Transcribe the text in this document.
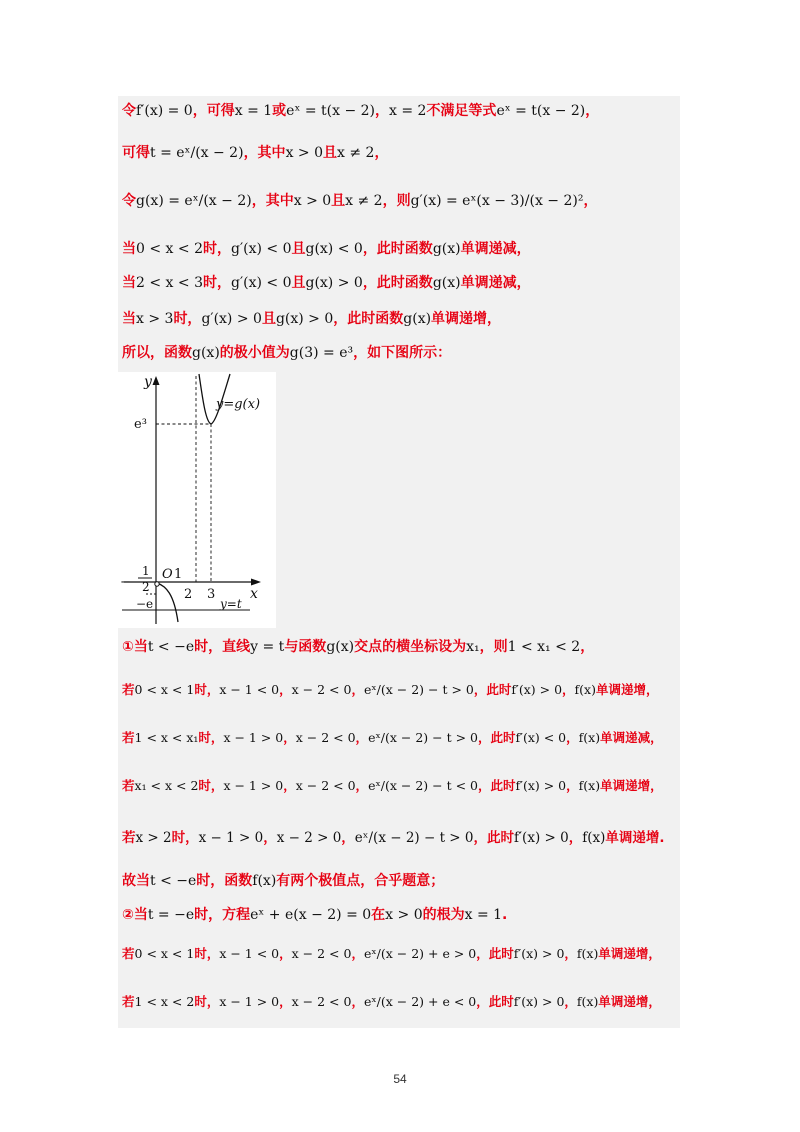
令f′(x) = 0，可得x = 1或eˣ = t(x − 2)，x = 2不满足等式eˣ = t(x − 2)，
可得t = eˣ/(x − 2)，其中x > 0且x ≠ 2，
令g(x) = eˣ/(x − 2)，其中x > 0且x ≠ 2，则g′(x) = eˣ(x − 3)/(x − 2)²，
当0 < x < 2时，g′(x) < 0且g(x) < 0，此时函数g(x)单调递减，
当2 < x < 3时，g′(x) < 0且g(x) > 0，此时函数g(x)单调递减，
当x > 3时，g′(x) > 0且g(x) > 0，此时函数g(x)单调递增，
所以，函数g(x)的极小值为g(3) = e³，如下图所示：
①当t < −e时，直线y = t与函数g(x)交点的横坐标设为x₁，则1 < x₁ < 2，
若0 < x < 1时，x − 1 < 0，x − 2 < 0，eˣ/(x − 2) − t > 0，此时f′(x) > 0，f(x)单调递增，
若1 < x < x₁时，x − 1 > 0，x − 2 < 0，eˣ/(x − 2) − t > 0，此时f′(x) < 0，f(x)单调递减，
若x₁ < x < 2时，x − 1 > 0，x − 2 < 0，eˣ/(x − 2) − t < 0，此时f′(x) > 0，f(x)单调递增，
若x > 2时，x − 1 > 0，x − 2 > 0，eˣ/(x − 2) − t > 0，此时f′(x) > 0，f(x)单调递增.
故当t < −e时，函数f(x)有两个极值点，合乎题意；
②当t = −e时，方程eˣ + e(x − 2) = 0在x > 0的根为x = 1.
若0 < x < 1时，x − 1 < 0，x − 2 < 0，eˣ/(x − 2) + e > 0，此时f′(x) > 0，f(x)单调递增，
若1 < x < 2时，x − 1 > 0，x − 2 < 0，eˣ/(x − 2) + e < 0，此时f′(x) > 0，f(x)单调递增，
y
x
y=t
y=g(x)
e³
O 1
2 3
−
1
2
−e
54
